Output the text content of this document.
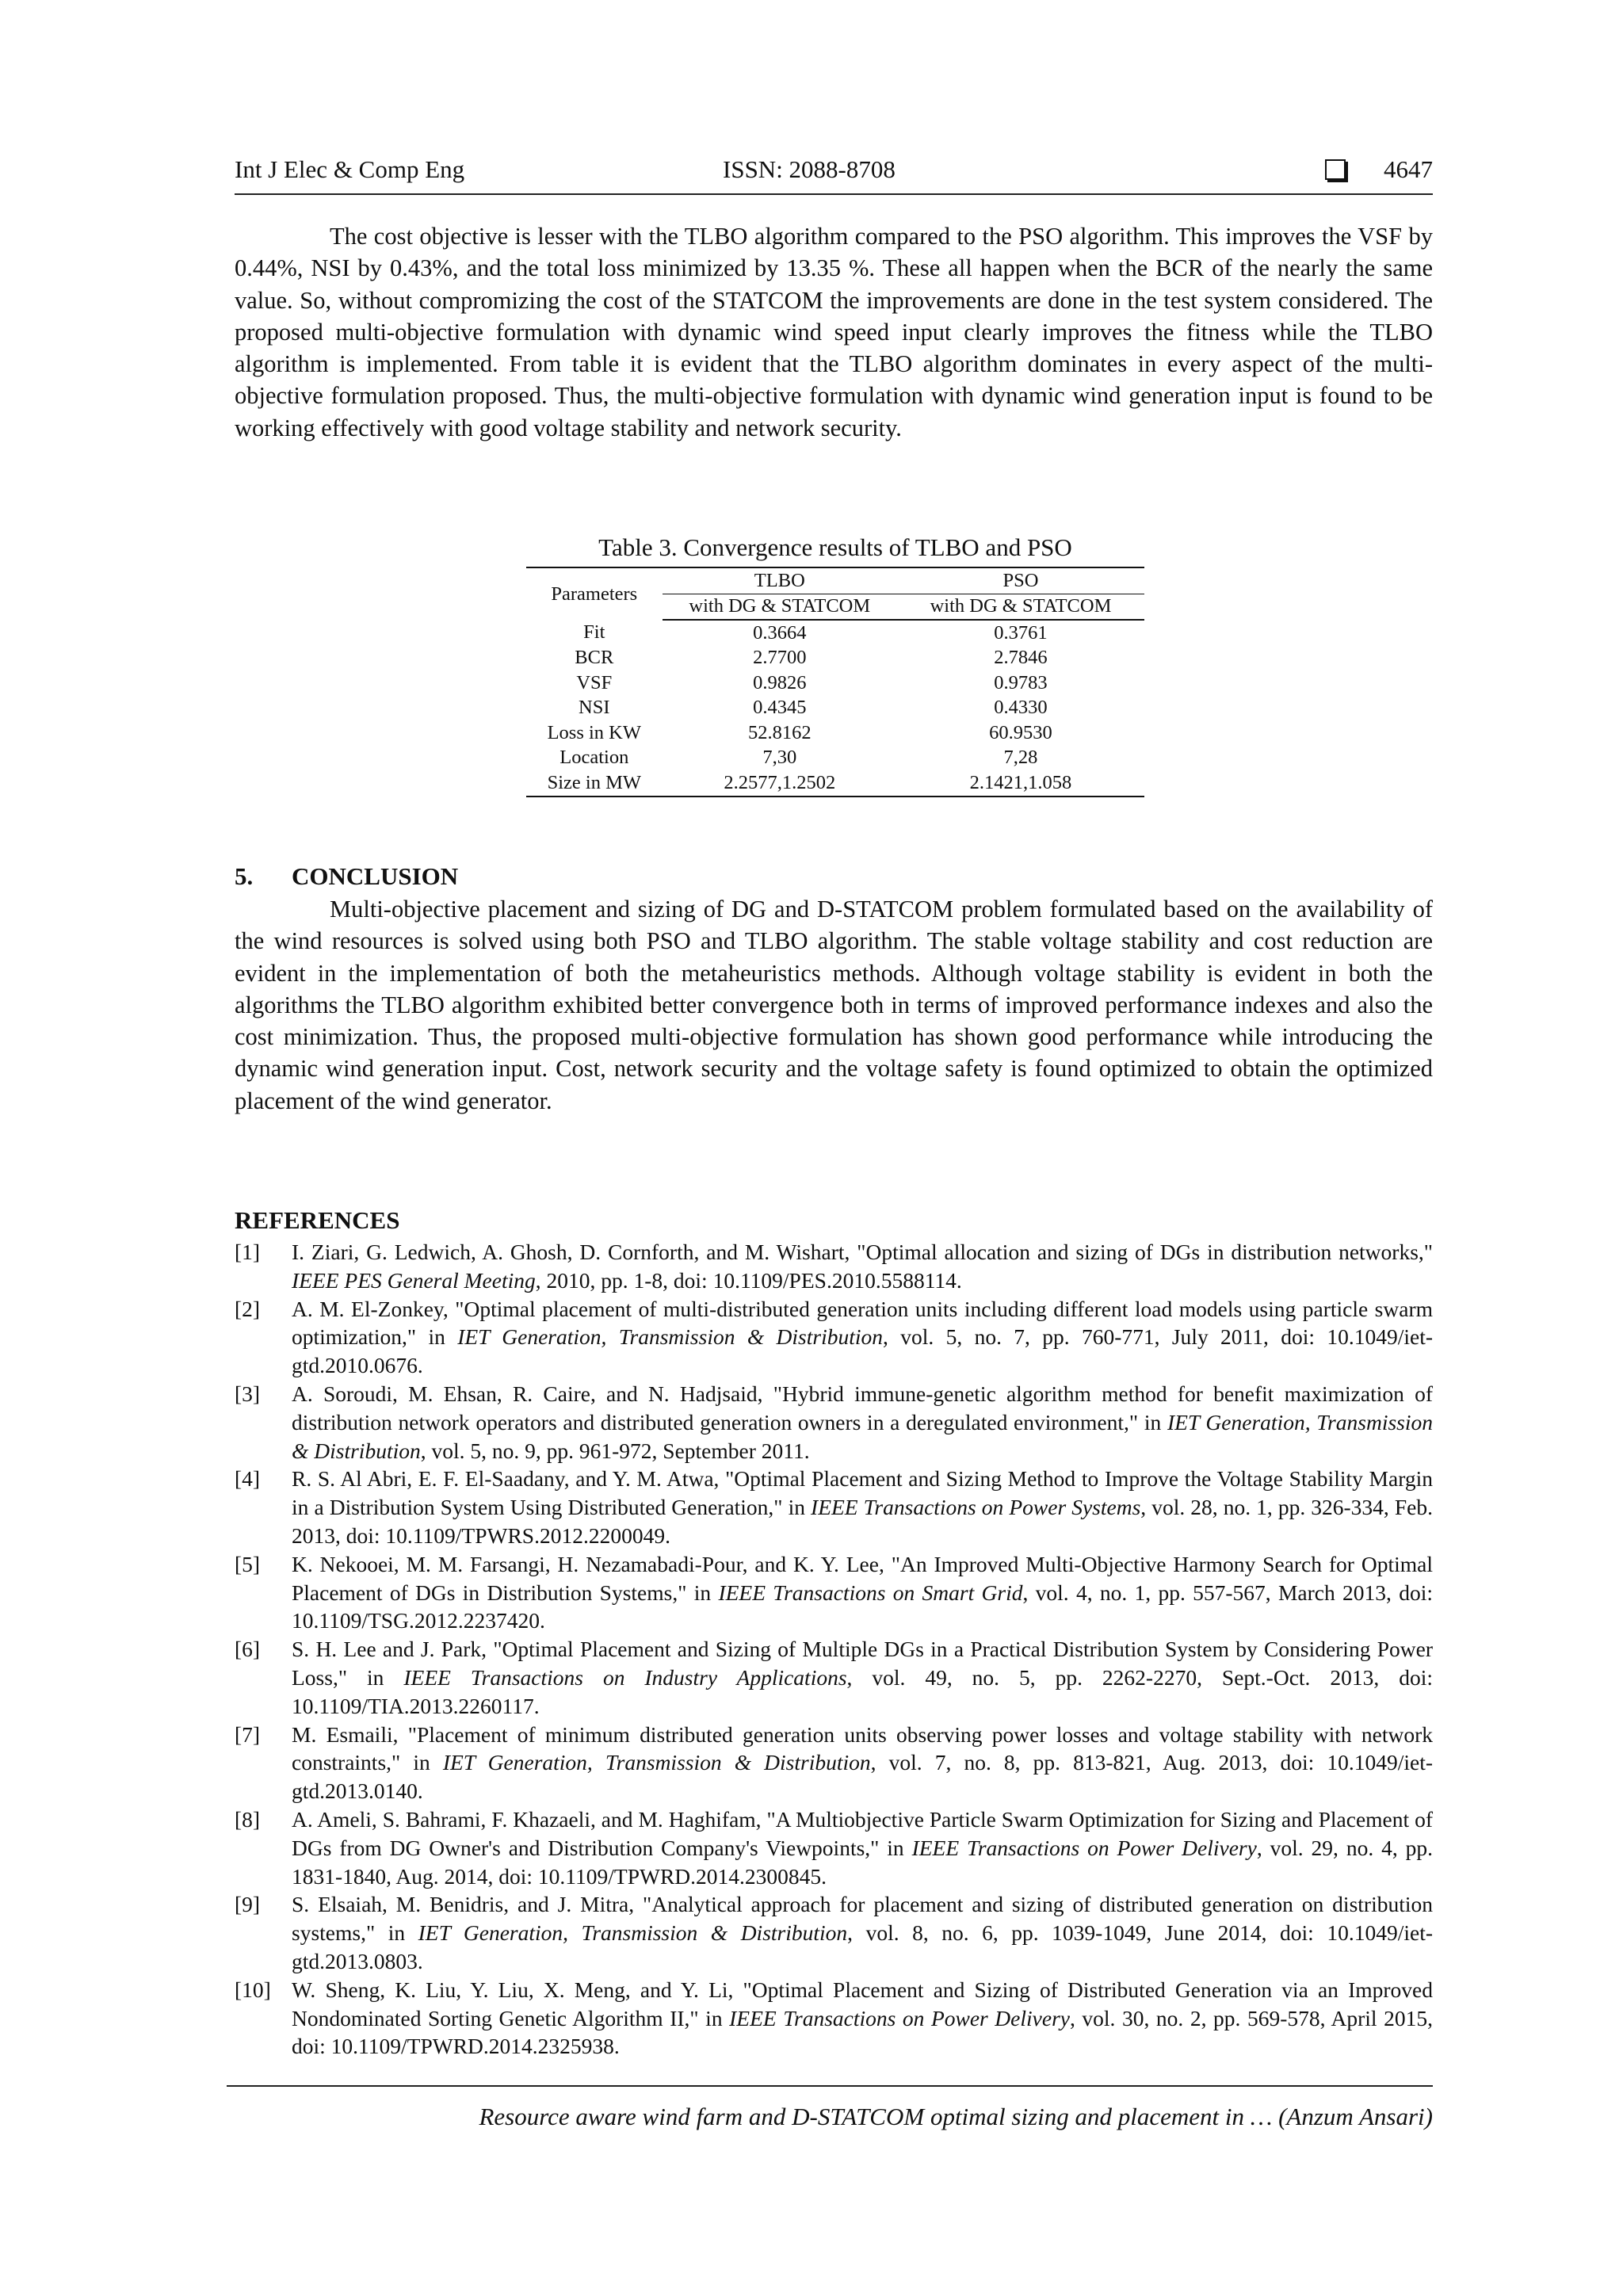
Int J Elec & Comp Eng	ISSN: 2088-8708	4647

The cost objective is lesser with the TLBO algorithm compared to the PSO algorithm. This improves the VSF by 0.44%, NSI by 0.43%, and the total loss minimized by 13.35 %. These all happen when the BCR of the nearly the same value. So, without compromizing the cost of the STATCOM the improvements are done in the test system considered. The proposed multi-objective formulation with dynamic wind speed input clearly improves the fitness while the TLBO algorithm is implemented. From table it is evident that the TLBO algorithm dominates in every aspect of the multi-objective formulation proposed. Thus, the multi-objective formulation with dynamic wind generation input is found to be working effectively with good voltage stability and network security.

Table 3. Convergence results of TLBO and PSO
Parameters	TLBO	PSO
	with DG & STATCOM	with DG & STATCOM
Fit	0.3664	0.3761
BCR	2.7700	2.7846
VSF	0.9826	0.9783
NSI	0.4345	0.4330
Loss in KW	52.8162	60.9530
Location	7,30	7,28
Size in MW	2.2577,1.2502	2.1421,1.058
5. CONCLUSION

Multi-objective placement and sizing of DG and D-STATCOM problem formulated based on the availability of the wind resources is solved using both PSO and TLBO algorithm. The stable voltage stability and cost reduction are evident in the implementation of both the metaheuristics methods. Although voltage stability is evident in both the algorithms the TLBO algorithm exhibited better convergence both in terms of improved performance indexes and also the cost minimization. Thus, the proposed multi-objective formulation has shown good performance while introducing the dynamic wind generation input. Cost, network security and the voltage safety is found optimized to obtain the optimized placement of the wind generator.

REFERENCES
[1] I. Ziari, G. Ledwich, A. Ghosh, D. Cornforth, and M. Wishart, "Optimal allocation and sizing of DGs in distribution networks," IEEE PES General Meeting, 2010, pp. 1-8, doi: 10.1109/PES.2010.5588114.
[2] A. M. El-Zonkey, "Optimal placement of multi-distributed generation units including different load models using particle swarm optimization," in IET Generation, Transmission & Distribution, vol. 5, no. 7, pp. 760-771, July 2011, doi: 10.1049/iet-gtd.2010.0676.
[3] A. Soroudi, M. Ehsan, R. Caire, and N. Hadjsaid, "Hybrid immune-genetic algorithm method for benefit maximization of distribution network operators and distributed generation owners in a deregulated environment," in IET Generation, Transmission & Distribution, vol. 5, no. 9, pp. 961-972, September 2011.
[4] R. S. Al Abri, E. F. El-Saadany, and Y. M. Atwa, "Optimal Placement and Sizing Method to Improve the Voltage Stability Margin in a Distribution System Using Distributed Generation," in IEEE Transactions on Power Systems, vol. 28, no. 1, pp. 326-334, Feb. 2013, doi: 10.1109/TPWRS.2012.2200049.
[5] K. Nekooei, M. M. Farsangi, H. Nezamabadi-Pour, and K. Y. Lee, "An Improved Multi-Objective Harmony Search for Optimal Placement of DGs in Distribution Systems," in IEEE Transactions on Smart Grid, vol. 4, no. 1, pp. 557-567, March 2013, doi: 10.1109/TSG.2012.2237420.
[6] S. H. Lee and J. Park, "Optimal Placement and Sizing of Multiple DGs in a Practical Distribution System by Considering Power Loss," in IEEE Transactions on Industry Applications, vol. 49, no. 5, pp. 2262-2270, Sept.-Oct. 2013, doi: 10.1109/TIA.2013.2260117.
[7] M. Esmaili, "Placement of minimum distributed generation units observing power losses and voltage stability with network constraints," in IET Generation, Transmission & Distribution, vol. 7, no. 8, pp. 813-821, Aug. 2013, doi: 10.1049/iet-gtd.2013.0140.
[8] A. Ameli, S. Bahrami, F. Khazaeli, and M. Haghifam, "A Multiobjective Particle Swarm Optimization for Sizing and Placement of DGs from DG Owner's and Distribution Company's Viewpoints," in IEEE Transactions on Power Delivery, vol. 29, no. 4, pp. 1831-1840, Aug. 2014, doi: 10.1109/TPWRD.2014.2300845.
[9] S. Elsaiah, M. Benidris, and J. Mitra, "Analytical approach for placement and sizing of distributed generation on distribution systems," in IET Generation, Transmission & Distribution, vol. 8, no. 6, pp. 1039-1049, June 2014, doi: 10.1049/iet-gtd.2013.0803.
[10] W. Sheng, K. Liu, Y. Liu, X. Meng, and Y. Li, "Optimal Placement and Sizing of Distributed Generation via an Improved Nondominated Sorting Genetic Algorithm II," in IEEE Transactions on Power Delivery, vol. 30, no. 2, pp. 569-578, April 2015, doi: 10.1109/TPWRD.2014.2325938.
Resource aware wind farm and D-STATCOM optimal sizing and placement in … (Anzum Ansari)
